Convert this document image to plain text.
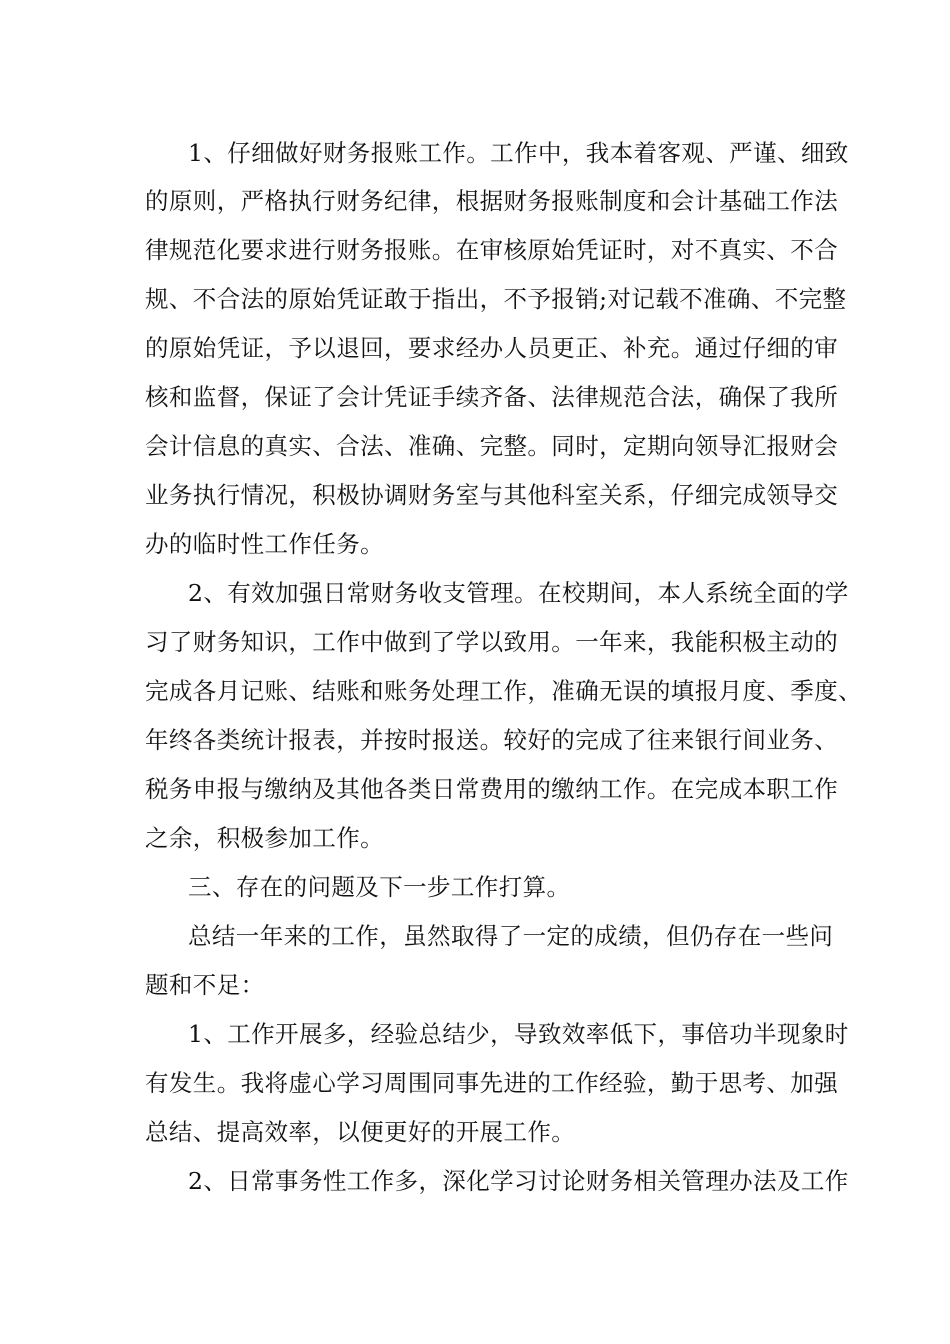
1、仔细做好财务报账工作。工作中，我本着客观、严谨、细致
的原则，严格执行财务纪律，根据财务报账制度和会计基础工作法
律规范化要求进行财务报账。在审核原始凭证时，对不真实、不合
规、不合法的原始凭证敢于指出，不予报销;对记载不准确、不完整
的原始凭证，予以退回，要求经办人员更正、补充。通过仔细的审
核和监督，保证了会计凭证手续齐备、法律规范合法，确保了我所
会计信息的真实、合法、准确、完整。同时，定期向领导汇报财会
业务执行情况，积极协调财务室与其他科室关系，仔细完成领导交
办的临时性工作任务。
2、有效加强日常财务收支管理。在校期间，本人系统全面的学
习了财务知识，工作中做到了学以致用。一年来，我能积极主动的
完成各月记账、结账和账务处理工作，准确无误的填报月度、季度、
年终各类统计报表，并按时报送。较好的完成了往来银行间业务、
税务申报与缴纳及其他各类日常费用的缴纳工作。在完成本职工作
之余，积极参加工作。
三、存在的问题及下一步工作打算。
总结一年来的工作，虽然取得了一定的成绩，但仍存在一些问
题和不足：
1、工作开展多，经验总结少，导致效率低下，事倍功半现象时
有发生。我将虚心学习周围同事先进的工作经验，勤于思考、加强
总结、提高效率，以便更好的开展工作。
2、日常事务性工作多，深化学习讨论财务相关管理办法及工作
